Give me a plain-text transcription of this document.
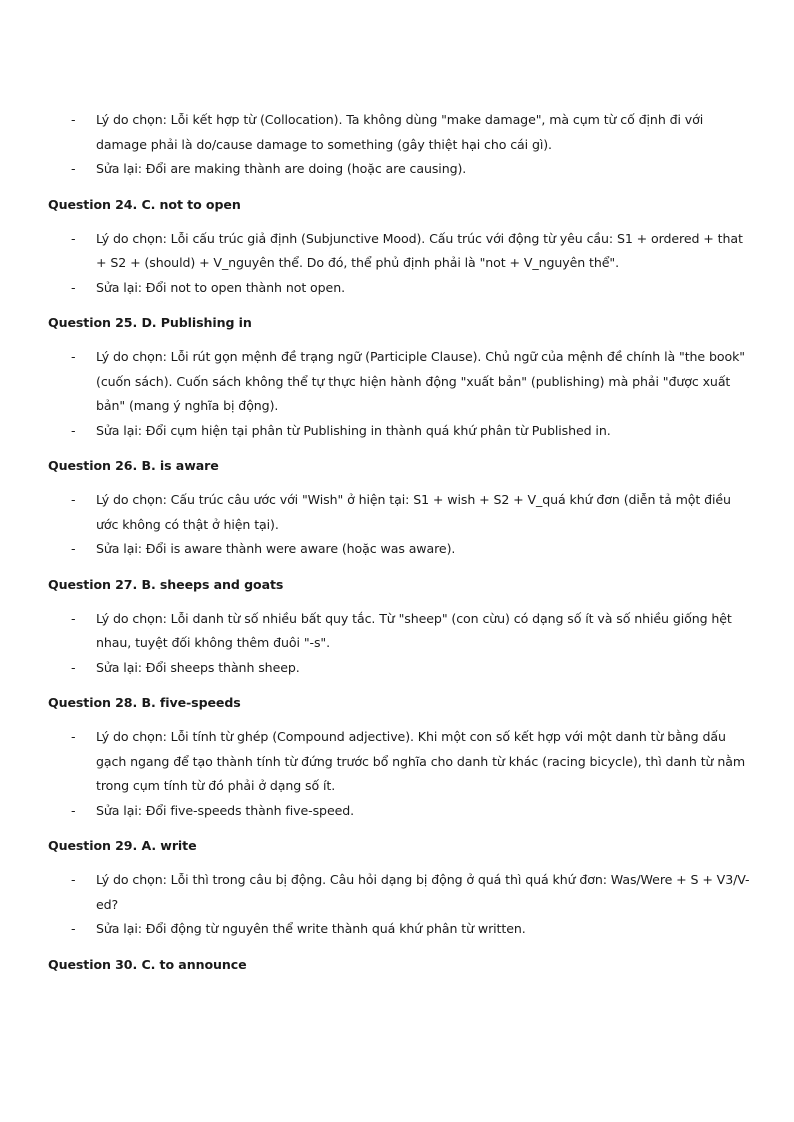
- Lý do chọn: Lỗi kết hợp từ (Collocation). Ta không dùng "make damage", mà cụm từ cố định đi với damage phải là do/cause damage to something (gây thiệt hại cho cái gì).
- Sửa lại: Đổi are making thành are doing (hoặc are causing).
Question 24. C. not to open
- Lý do chọn: Lỗi cấu trúc giả định (Subjunctive Mood). Cấu trúc với động từ yêu cầu: S1 + ordered + that + S2 + (should) + V_nguyên thể. Do đó, thể phủ định phải là "not + V_nguyên thể".
- Sửa lại: Đổi not to open thành not open.
Question 25. D. Publishing in
- Lý do chọn: Lỗi rút gọn mệnh đề trạng ngữ (Participle Clause). Chủ ngữ của mệnh đề chính là "the book" (cuốn sách). Cuốn sách không thể tự thực hiện hành động "xuất bản" (publishing) mà phải "được xuất bản" (mang ý nghĩa bị động).
- Sửa lại: Đổi cụm hiện tại phân từ Publishing in thành quá khứ phân từ Published in.
Question 26. B. is aware
- Lý do chọn: Cấu trúc câu ước với "Wish" ở hiện tại: S1 + wish + S2 + V_quá khứ đơn (diễn tả một điều ước không có thật ở hiện tại).
- Sửa lại: Đổi is aware thành were aware (hoặc was aware).
Question 27. B. sheeps and goats
- Lý do chọn: Lỗi danh từ số nhiều bất quy tắc. Từ "sheep" (con cừu) có dạng số ít và số nhiều giống hệt nhau, tuyệt đối không thêm đuôi "-s".
- Sửa lại: Đổi sheeps thành sheep.
Question 28. B. five-speeds
- Lý do chọn: Lỗi tính từ ghép (Compound adjective). Khi một con số kết hợp với một danh từ bằng dấu gạch ngang để tạo thành tính từ đứng trước bổ nghĩa cho danh từ khác (racing bicycle), thì danh từ nằm trong cụm tính từ đó phải ở dạng số ít.
- Sửa lại: Đổi five-speeds thành five-speed.
Question 29. A. write
- Lý do chọn: Lỗi thì trong câu bị động. Câu hỏi dạng bị động ở quá thì quá khứ đơn: Was/Were + S + V3/V-ed?
- Sửa lại: Đổi động từ nguyên thể write thành quá khứ phân từ written.
Question 30. C. to announce
